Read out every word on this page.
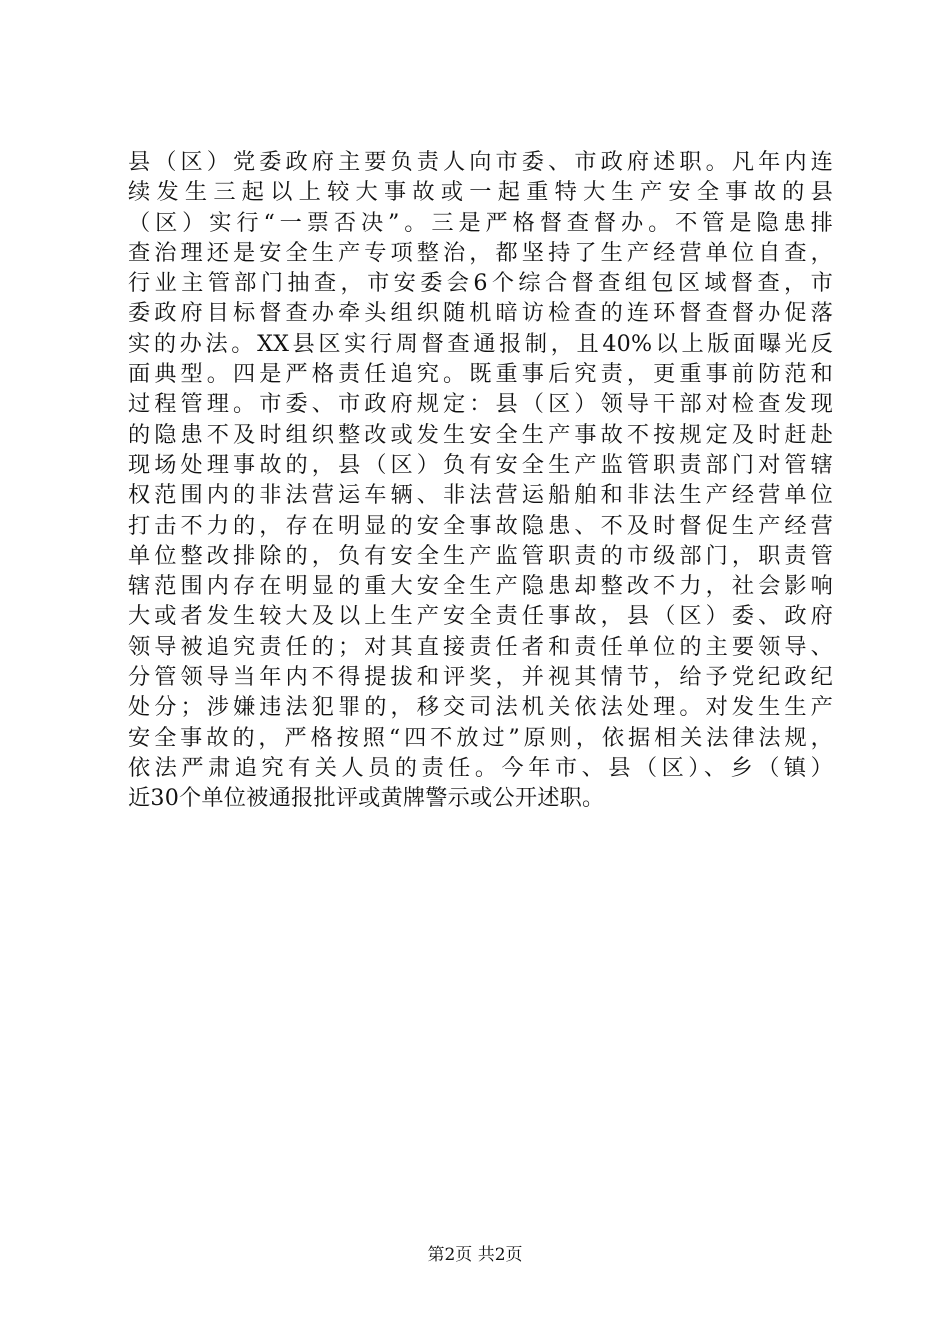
县（区）党委政府主要负责人向市委、市政府述职。凡年内连
续发生三起以上较大事故或一起重特大生产安全事故的县
（区）实行“一票否决”。三是严格督查督办。不管是隐患排
查治理还是安全生产专项整治，都坚持了生产经营单位自查，
行业主管部门抽查，市安委会6个综合督查组包区域督查，市
委政府目标督查办牵头组织随机暗访检查的连环督查督办促落
实的办法。XX县区实行周督查通报制，且40%以上版面曝光反
面典型。四是严格责任追究。既重事后究责，更重事前防范和
过程管理。市委、市政府规定：县（区）领导干部对检查发现
的隐患不及时组织整改或发生安全生产事故不按规定及时赶赴
现场处理事故的，县（区）负有安全生产监管职责部门对管辖
权范围内的非法营运车辆、非法营运船舶和非法生产经营单位
打击不力的，存在明显的安全事故隐患、不及时督促生产经营
单位整改排除的，负有安全生产监管职责的市级部门，职责管
辖范围内存在明显的重大安全生产隐患却整改不力，社会影响
大或者发生较大及以上生产安全责任事故，县（区）委、政府
领导被追究责任的；对其直接责任者和责任单位的主要领导、
分管领导当年内不得提拔和评奖，并视其情节，给予党纪政纪
处分；涉嫌违法犯罪的，移交司法机关依法处理。对发生生产
安全事故的，严格按照“四不放过”原则，依据相关法律法规，
依法严肃追究有关人员的责任。今年市、县（区）、乡（镇）
近30个单位被通报批评或黄牌警示或公开述职。
第2页 共2页
